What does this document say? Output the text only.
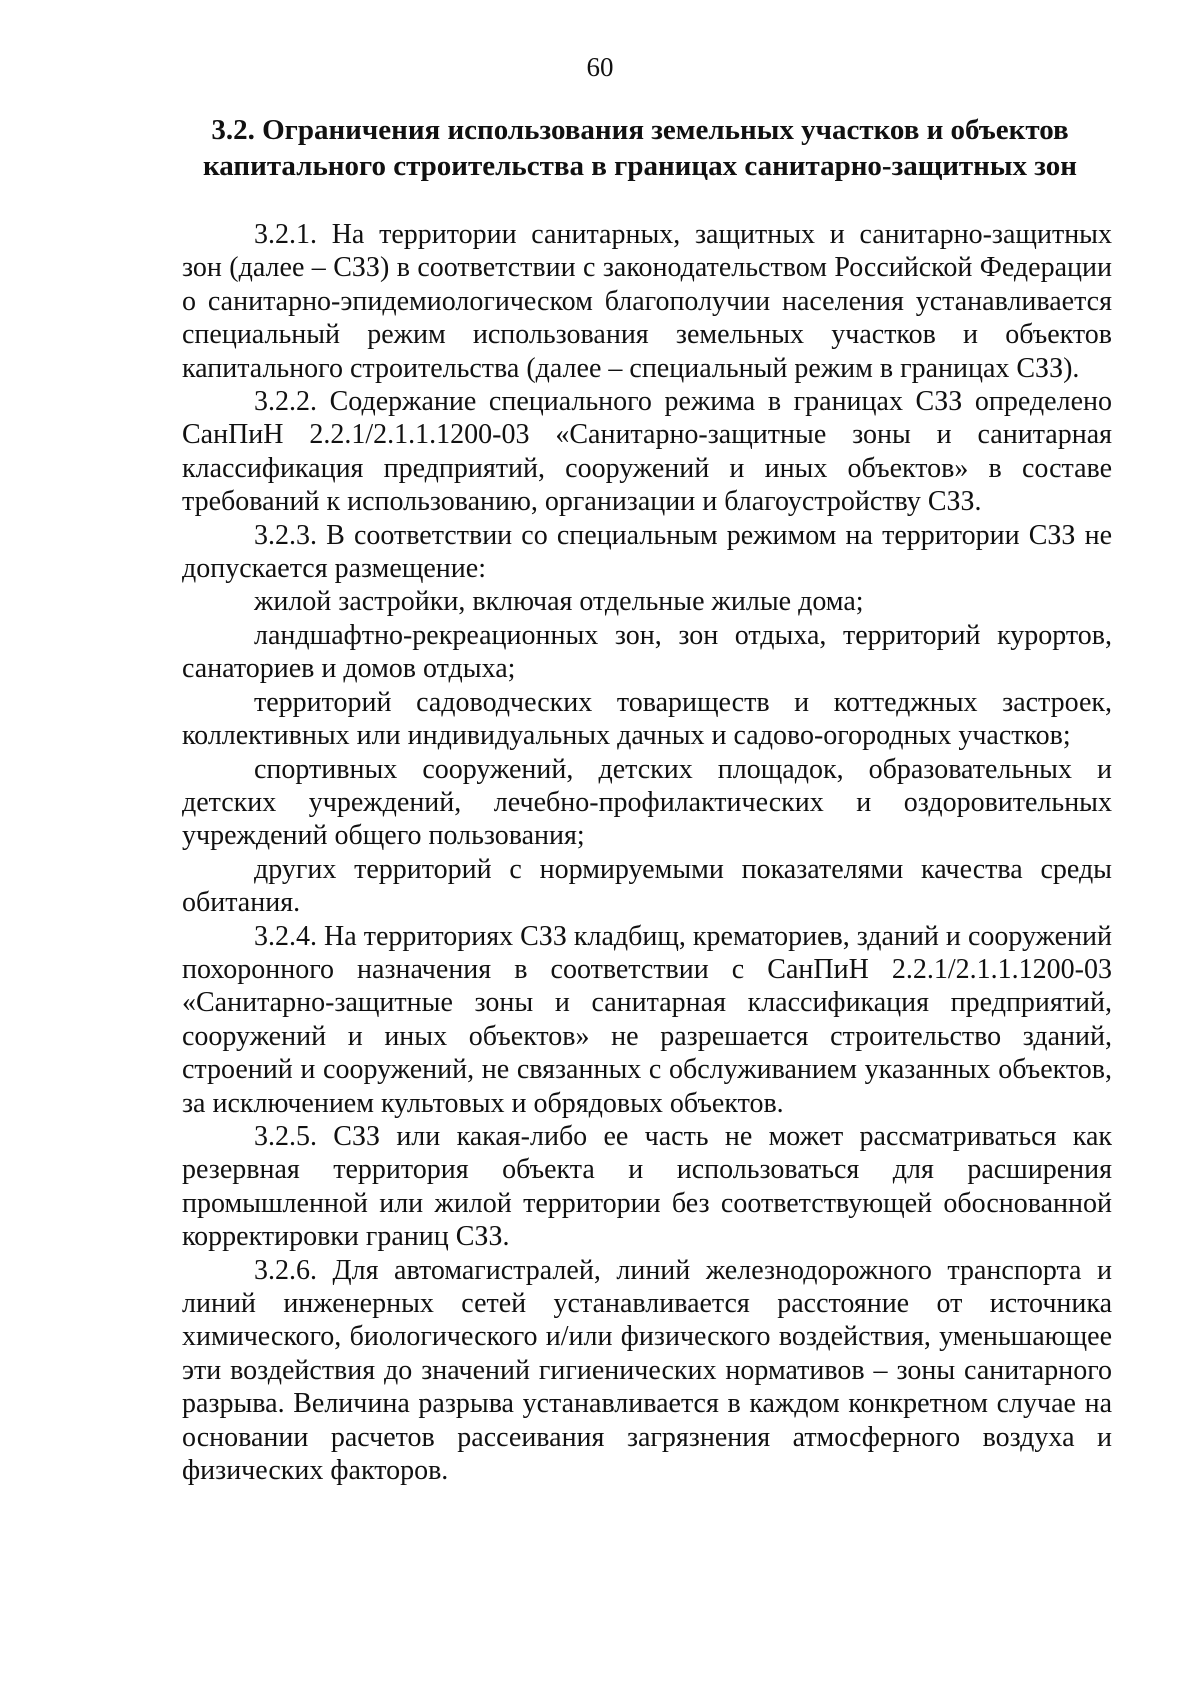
60
3.2. Ограничения использования земельных участков и объектов капитального строительства в границах санитарно-защитных зон

3.2.1. На территории санитарных, защитных и санитарно-защитных зон (далее – СЗЗ) в соответствии с законодательством Российской Федерации о санитарно-эпидемиологическом благополучии населения устанавливается специальный режим использования земельных участков и объектов капитального строительства (далее – специальный режим в границах СЗЗ).

3.2.2. Содержание специального режима в границах СЗЗ определено СанПиН 2.2.1/2.1.1.1200-03 «Санитарно-защитные зоны и санитарная классификация предприятий, сооружений и иных объектов» в составе требований к использованию, организации и благоустройству СЗЗ.

3.2.3. В соответствии со специальным режимом на территории СЗЗ не допускается размещение:

жилой застройки, включая отдельные жилые дома;

ландшафтно-рекреационных зон, зон отдыха, территорий курортов, санаториев и домов отдыха;

территорий садоводческих товариществ и коттеджных застроек, коллективных или индивидуальных дачных и садово-огородных участков;

спортивных сооружений, детских площадок, образовательных и детских учреждений, лечебно-профилактических и оздоровительных учреждений общего пользования;

других территорий с нормируемыми показателями качества среды обитания.

3.2.4. На территориях СЗЗ кладбищ, крематориев, зданий и сооружений похоронного назначения в соответствии с СанПиН 2.2.1/2.1.1.1200-03 «Санитарно-защитные зоны и санитарная классификация предприятий, сооружений и иных объектов» не разрешается строительство зданий, строений и сооружений, не связанных с обслуживанием указанных объектов, за исключением культовых и обрядовых объектов.

3.2.5. СЗЗ или какая-либо ее часть не может рассматриваться как резервная территория объекта и использоваться для расширения промышленной или жилой территории без соответствующей обоснованной корректировки границ СЗЗ.

3.2.6. Для автомагистралей, линий железнодорожного транспорта и линий инженерных сетей устанавливается расстояние от источника химического, биологического и/или физического воздействия, уменьшающее эти воздействия до значений гигиенических нормативов – зоны санитарного разрыва. Величина разрыва устанавливается в каждом конкретном случае на основании расчетов рассеивания загрязнения атмосферного воздуха и физических факторов.
